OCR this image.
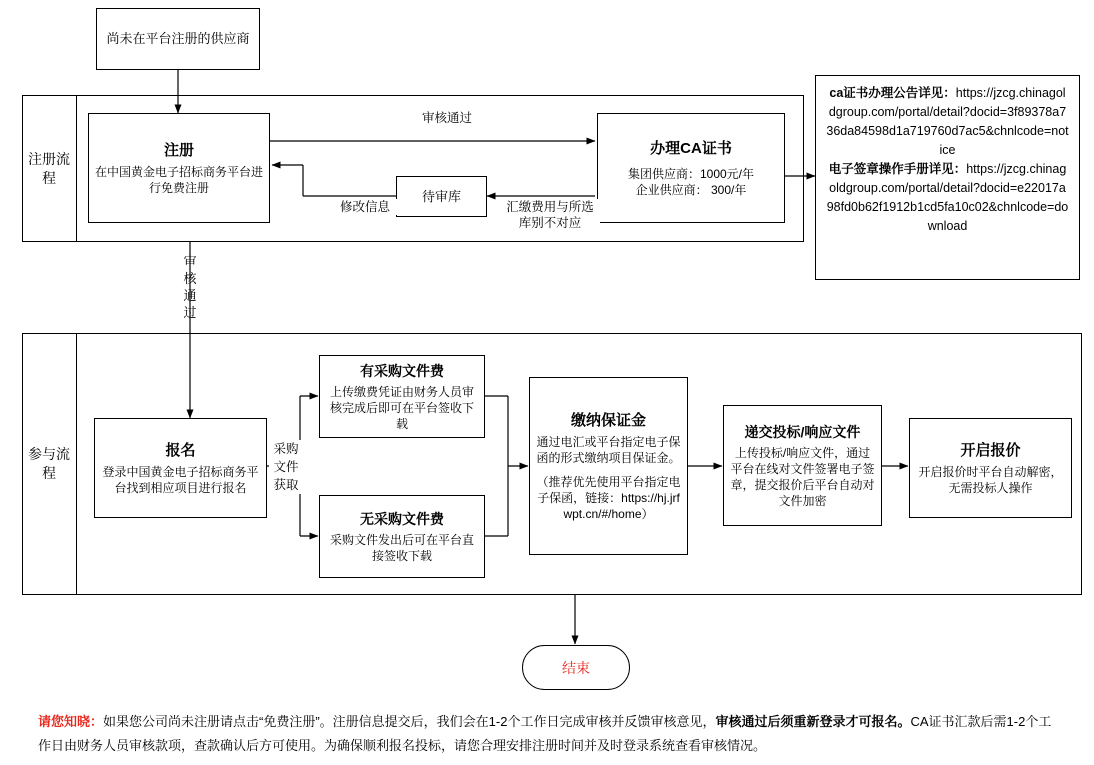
尚未在平台注册的供应商
注册流程
注册
在中国黄金电子招标商务平台进行免费注册
待审库
办理CA证书
集团供应商：1000元/年
企业供应商： 300/年
审核通过
修改信息	汇缴费用与所选库别不对应
ca证书办理公告详见：https://jzcg.chinagoldgroup.com/portal/detail?docid=3f89378a736da84598d1a719760d7ac5&chnlcode=notice
电子签章操作手册详见：https://jzcg.chinagoldgroup.com/portal/detail?docid=e22017a98fd0b62f1912b1cd5fa10c02&chnlcode=download
审
核
通
过
参与流程
报名
登录中国黄金电子招标商务平台找到相应项目进行报名
采购文件获取
有采购文件费
上传缴费凭证由财务人员审核完成后即可在平台签收下载
无采购文件费
采购文件发出后可在平台直接签收下载
缴纳保证金
通过电汇或平台指定电子保函的形式缴纳项目保证金。
（推荐优先使用平台指定电子保函，链接：https://hj.jrfwpt.cn/#/home）
递交投标/响应文件
上传投标/响应文件，通过平台在线对文件签署电子签章，提交报价后平台自动对文件加密
开启报价
开启报价时平台自动解密，无需投标人操作
结束
请您知晓：如果您公司尚未注册请点击“免费注册”。注册信息提交后，我们会在1-2个工作日完成审核并反馈审核意见，审核通过后须重新登录才可报名。CA证书汇款后需1-2个工作日由财务人员审核款项，查款确认后方可使用。为确保顺利报名投标，请您合理安排注册时间并及时登录系统查看审核情况。
